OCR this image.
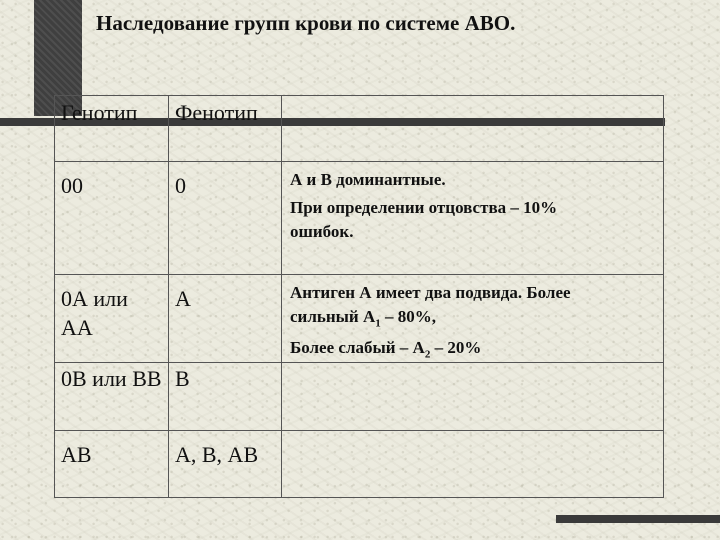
Наследование групп крови по системе АВО.
Генотип	Фенотип	

00	0	А и В доминантные.
При определении отцовства – 10%
ошибок.

0А или АА	А	Антиген А имеет два подвида. Более
сильный $А_1 - 80\%$,
Более слабый – $А_2 - 20\%$

0В или ВВ	В	

АВ	А, В, АВ	
